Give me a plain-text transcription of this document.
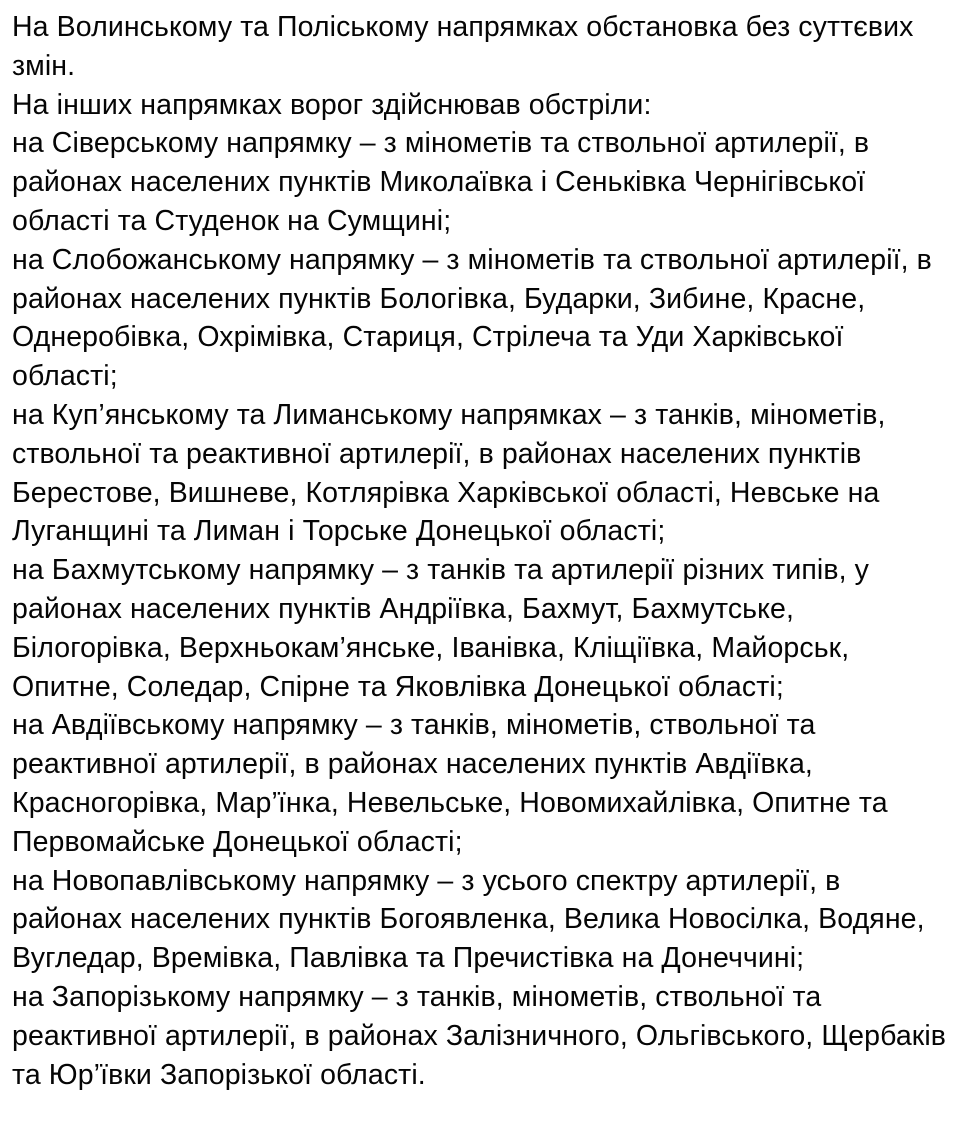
На Волинському та Поліському напрямках обстановка без суттєвих змін.

На інших напрямках ворог здійснював обстріли:

на Сіверському напрямку – з мінометів та ствольної артилерії, в районах населених пунктів Миколаївка і Сеньківка Чернігівської області та Студенок на Сумщині;

на Слобожанському напрямку – з мінометів та ствольної артилерії, в районах населених пунктів Бологівка, Бударки, Зибине, Красне, Однеробівка, Охрімівка, Стариця, Стрілеча та Уди Харківської області;

на Куп’янському та Лиманському напрямках – з танків, мінометів, ствольної та реактивної артилерії, в районах населених пунктів Берестове, Вишневе, Котлярівка Харківської області, Невське на Луганщині та Лиман і Торське Донецької області;

на Бахмутському напрямку – з танків та артилерії різних типів, у районах населених пунктів Андріївка, Бахмут, Бахмутське, Білогорівка, Верхньокам’янське, Іванівка, Кліщіївка, Майорськ, Опитне, Соледар, Спірне та Яковлівка Донецької області;

на Авдіївському напрямку – з танків, мінометів, ствольної та реактивної артилерії, в районах населених пунктів Авдіївка, Красногорівка, Мар’їнка, Невельське, Новомихайлівка, Опитне та Первомайське Донецької області;

на Новопавлівському напрямку – з усього спектру артилерії, в районах населених пунктів Богоявленка, Велика Новосілка, Водяне, Вугледар, Времівка, Павлівка та Пречистівка на Донеччині;

на Запорізькому напрямку – з танків, мінометів, ствольної та реактивної артилерії, в районах Залізничного, Ольгівського, Щербаків та Юр’ївки Запорізької області.
